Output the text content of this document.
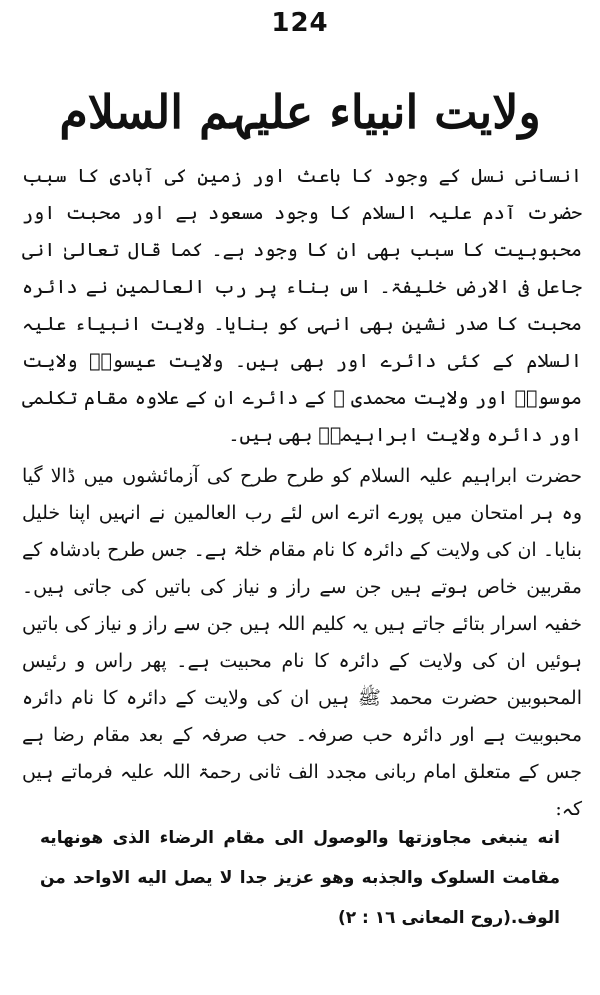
124
ولایت انبیاء علیہم السلام

انسانی نسل کے وجود کا باعث اور زمین کی آبادی کا سبب حضرت آدم علیہ السلام کا وجود مسعود ہے اور محبت اور محبوبیت کا سبب بھی ان کا وجود ہے۔ کما قال تعالیٰ انی جاعل فی الارض خلیفۃ۔ اس بناء پر رب العالمین نے دائرہ محبت کا صدر نشین بھی انہی کو بنایا۔ ولایت انبیاء علیہ السلام کے کئی دائرے اور بھی ہیں۔ ولایت عیسویؑ ولایت موسویؑ اور ولایت محمدی ﷺ کے دائرے ان کے علاوہ مقام تکلمی اور دائرہ ولایت ابراہیمیؑ بھی ہیں۔

حضرت ابراہیم علیہ السلام کو طرح طرح کی آزمائشوں میں ڈالا گیا وہ ہر امتحان میں پورے اترے اس لئے رب العالمین نے انہیں اپنا خلیل بنایا۔ ان کی ولایت کے دائرہ کا نام مقام خلۃ ہے۔ جس طرح بادشاہ کے مقربین خاص ہوتے ہیں جن سے راز و نیاز کی باتیں کی جاتی ہیں۔ خفیہ اسرار بتائے جاتے ہیں یہ کلیم اللہ ہیں جن سے راز و نیاز کی باتیں ہوئیں ان کی ولایت کے دائرہ کا نام محبیت ہے۔ پھر راس و رئیس المحبوبین حضرت محمد ﷺ ہیں ان کی ولایت کے دائرہ کا نام دائرہ محبوبیت ہے اور دائرہ حب صرفہ۔ حب صرفہ کے بعد مقام رضا ہے جس کے متعلق امام ربانی مجدد الف ثانی رحمۃ اللہ علیہ فرماتے ہیں کہ:

انه ینبغی مجاوزتها والوصول الی مقام الرضاء الذی هونهایه
مقامت السلوک والجذبه وهو عزیز جدا لا یصل الیه الاواحد من
الوف.(روح المعانی ١٦ : ٢)
